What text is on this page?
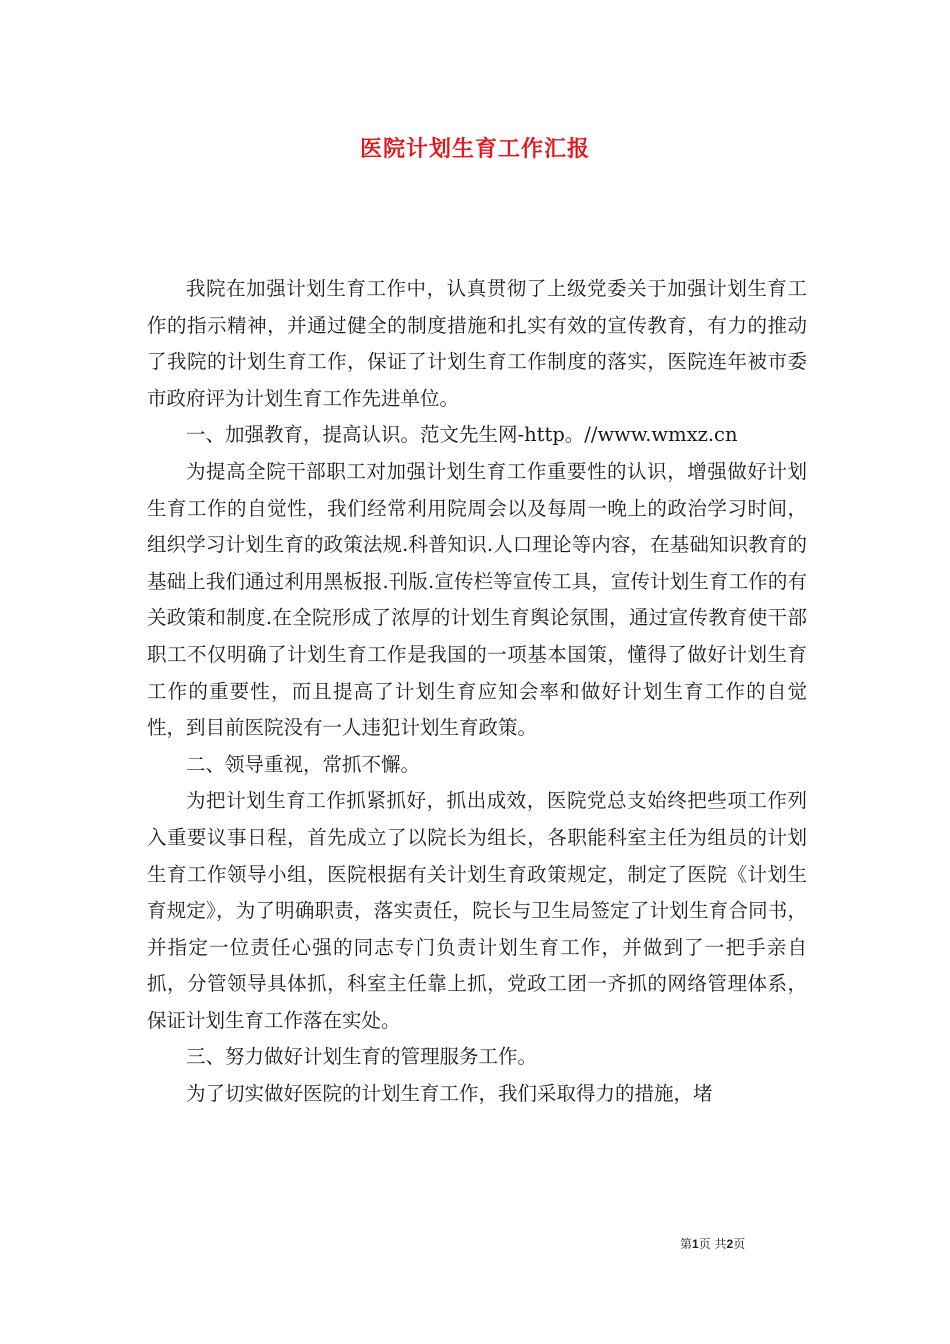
医院计划生育工作汇报

我院在加强计划生育工作中，认真贯彻了上级党委关于加强计划生育工作的指示精神，并通过健全的制度措施和扎实有效的宣传教育，有力的推动了我院的计划生育工作，保证了计划生育工作制度的落实，医院连年被市委市政府评为计划生育工作先进单位。

一、加强教育，提高认识。范文先生网-http。//www.wmxz.cn

为提高全院干部职工对加强计划生育工作重要性的认识，增强做好计划生育工作的自觉性，我们经常利用院周会以及每周一晚上的政治学习时间，组织学习计划生育的政策法规.科普知识.人口理论等内容，在基础知识教育的基础上我们通过利用黑板报.刊版.宣传栏等宣传工具，宣传计划生育工作的有关政策和制度.在全院形成了浓厚的计划生育舆论氛围，通过宣传教育使干部职工不仅明确了计划生育工作是我国的一项基本国策，懂得了做好计划生育工作的重要性，而且提高了计划生育应知会率和做好计划生育工作的自觉性，到目前医院没有一人违犯计划生育政策。

二、领导重视，常抓不懈。

为把计划生育工作抓紧抓好，抓出成效，医院党总支始终把些项工作列入重要议事日程，首先成立了以院长为组长，各职能科室主任为组员的计划生育工作领导小组，医院根据有关计划生育政策规定，制定了医院《计划生育规定》，为了明确职责，落实责任，院长与卫生局签定了计划生育合同书，并指定一位责任心强的同志专门负责计划生育工作，并做到了一把手亲自抓，分管领导具体抓，科室主任靠上抓，党政工团一齐抓的网络管理体系，保证计划生育工作落在实处。

三、努力做好计划生育的管理服务工作。

为了切实做好医院的计划生育工作，我们采取得力的措施，堵

第1页 共2页
